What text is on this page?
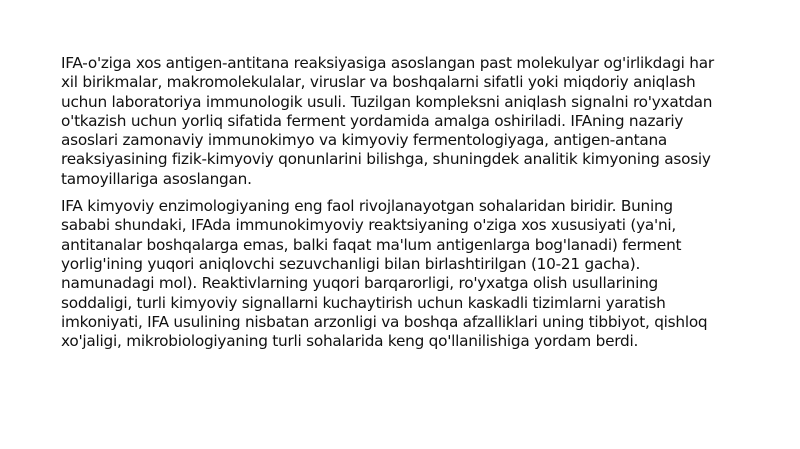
IFA-o'ziga xos antigen-antitana reaksiyasiga asoslangan past molekulyar og'irlikdagi har
xil birikmalar, makromolekulalar, viruslar va boshqalarni sifatli yoki miqdoriy aniqlash
uchun laboratoriya immunologik usuli. Tuzilgan kompleksni aniqlash signalni ro'yxatdan
o'tkazish uchun yorliq sifatida ferment yordamida amalga oshiriladi. IFAning nazariy
asoslari zamonaviy immunokimyo va kimyoviy fermentologiyaga, antigen-antana
reaksiyasining fizik-kimyoviy qonunlarini bilishga, shuningdek analitik kimyoning asosiy
tamoyillariga asoslangan.

IFA kimyoviy enzimologiyaning eng faol rivojlanayotgan sohalaridan biridir. Buning
sababi shundaki, IFAda immunokimyoviy reaktsiyaning o'ziga xos xususiyati (ya'ni,
antitanalar boshqalarga emas, balki faqat ma'lum antigenlarga bog'lanadi) ferment
yorlig'ining yuqori aniqlovchi sezuvchanligi bilan birlashtirilgan (10-21 gacha).
namunadagi mol). Reaktivlarning yuqori barqarorligi, ro'yxatga olish usullarining
soddaligi, turli kimyoviy signallarni kuchaytirish uchun kaskadli tizimlarni yaratish
imkoniyati, IFA usulining nisbatan arzonligi va boshqa afzalliklari uning tibbiyot, qishloq
xo'jaligi, mikrobiologiyaning turli sohalarida keng qo'llanilishiga yordam berdi.
